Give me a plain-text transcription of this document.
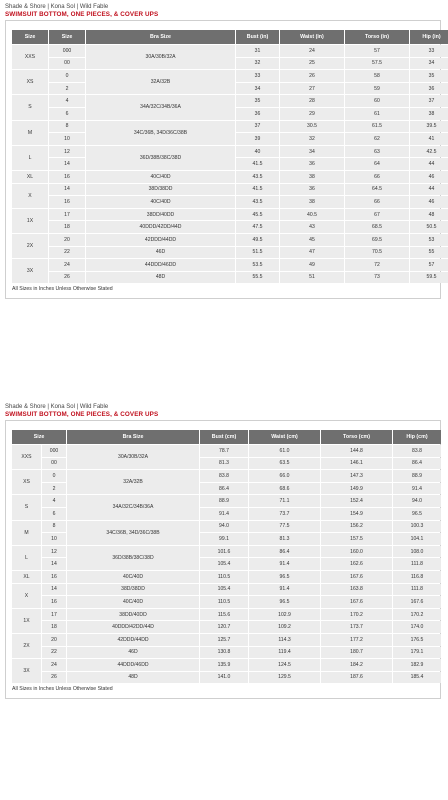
Shade & Shore | Kona Sol | Wild Fable
SWIMSUIT BOTTOM, ONE PIECES, & COVER UPS
Size	Size	Bra Size	Bust (in)	Waist (in)	Torso (in)	Hip (in)
XXS	000	30A/30B/32A	31	24	57	33
	00		32	25	57.5	34
XS	0	32A/32B	33	26	58	35
	2		34	27	59	36
S	4	34A/32C/34B/36A	35	28	60	37
	6		36	29	61	38
M	8	34C/36B, 34D/36C/38B	37	30.5	61.5	39.5
	10		39	32	62	41
L	12	36D/38B/38C/38D	40	34	63	42.5
	14		41.5	36	64	44
XL	16	40C/40D	43.5	38	66	46
X	14	38D/38DD	41.5	36	64.5	44
	16	40C/40D	43.5	38	66	46
1X	17	38DD/40DD	45.5	40.5	67	48
	18	40DDD/42DD/44D	47.5	43	68.5	50.5
2X	20	42DDD/44DD	49.5	45	69.5	53
	22	46D	51.5	47	70.5	55
3X	24	44DDD/46DD	53.5	49	72	57
	26	48D	55.5	51	73	59.5
All Sizes in Inches Unless Otherwise Stated
Shade & Shore | Kona Sol | Wild Fable
SWIMSUIT BOTTOM, ONE PIECES, & COVER UPS
Size		Bra Size	Bust (cm)	Waist (cm)	Torso (cm)	Hip (cm)
XXS	000	30A/30B/32A	78.7	61.0	144.8	83.8
	00		81.3	63.5	146.1	86.4
XS	0	32A/32B	83.8	66.0	147.3	88.9
	2		86.4	68.6	149.9	91.4
S	4	34A/32C/34B/36A	88.9	71.1	152.4	94.0
	6		91.4	73.7	154.9	96.5
M	8	34C/36B, 34D/36C/38B	94.0	77.5	156.2	100.3
	10		99.1	81.3	157.5	104.1
L	12	36D/38B/38C/38D	101.6	86.4	160.0	108.0
	14		105.4	91.4	162.6	111.8
XL	16	40C/40D	110.5	96.5	167.6	116.8
X	14	38D/38DD	105.4	91.4	163.8	111.8
	16	40C/40D	110.5	96.5	167.6	167.6
1X	17	38DD/40DD	115.6	102.9	170.2	170.2
	18	40DDD/42DD/44D	120.7	109.2	173.7	174.0
2X	20	42DDD/44DD	125.7	114.3	177.2	176.5
	22	46D	130.8	119.4	180.7	179.1
3X	24	44DDD/46DD	135.9	124.5	184.2	182.9
	26	48D	141.0	129.5	187.6	185.4
All Sizes in Inches Unless Otherwise Stated
